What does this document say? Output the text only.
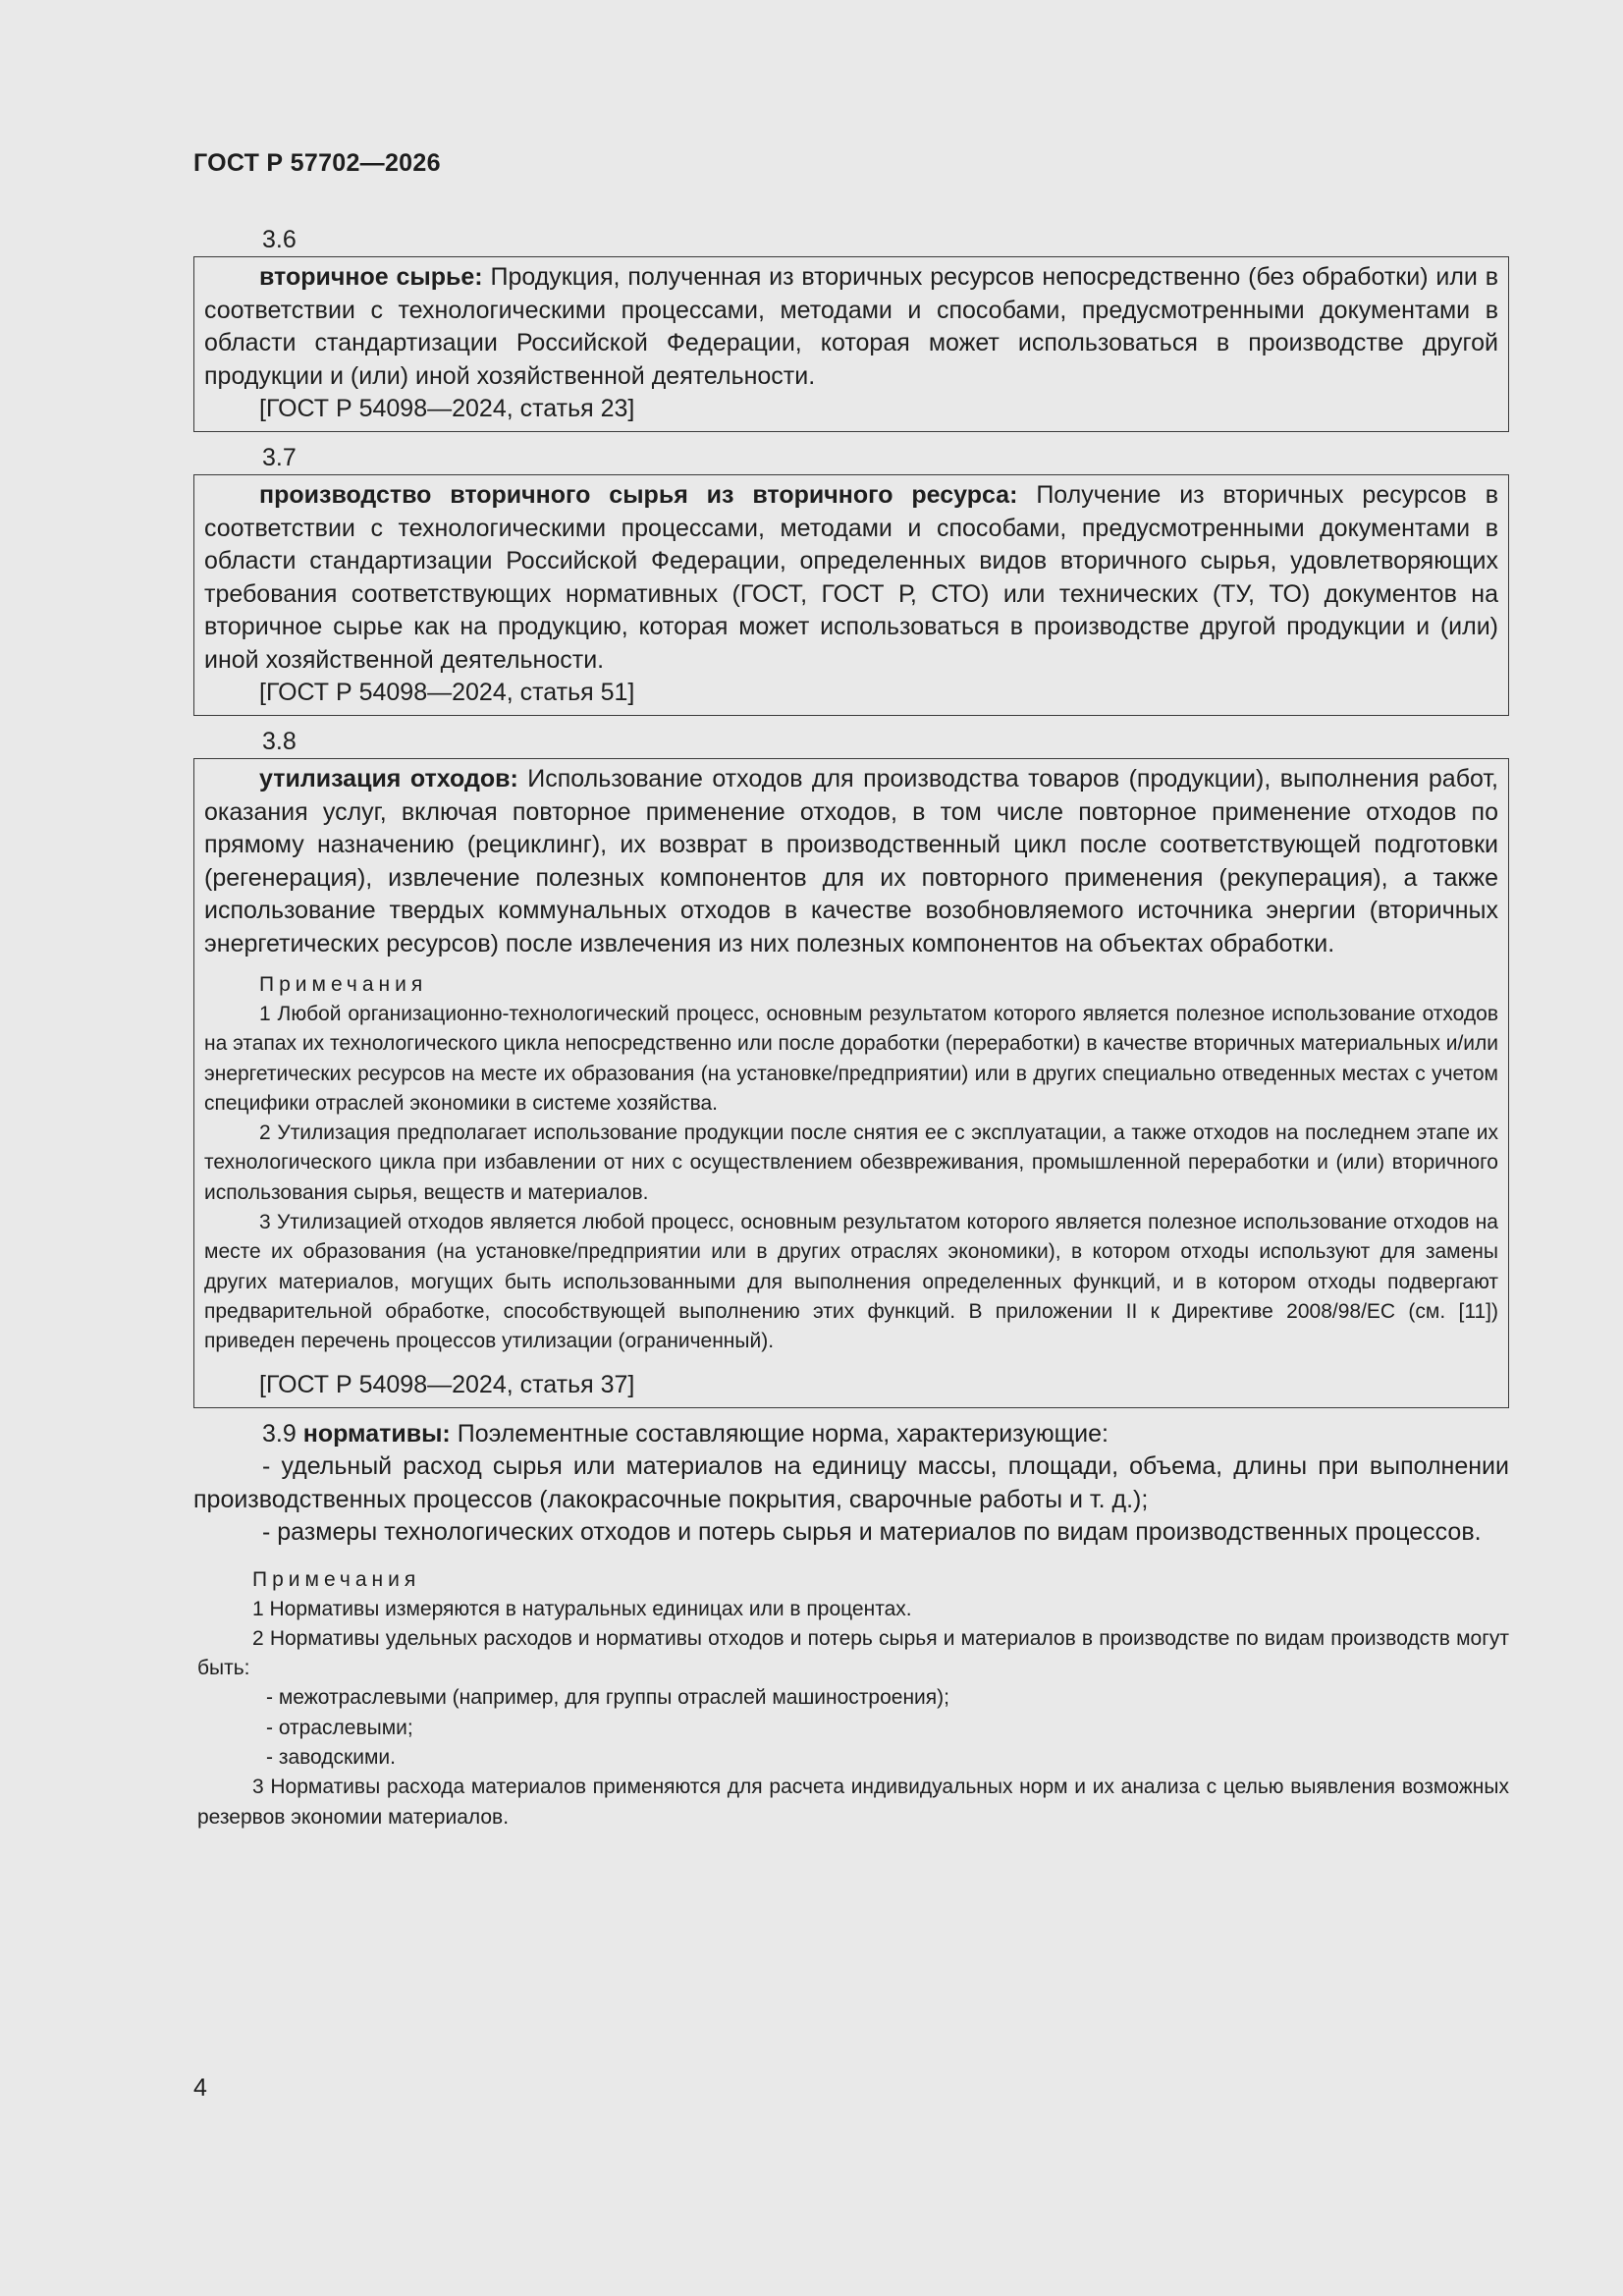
ГОСТ Р 57702—2026
3.6

вторичное сырье: Продукция, полученная из вторичных ресурсов непосредственно (без обработки) или в соответствии с технологическими процессами, методами и способами, предусмотренными документами в области стандартизации Российской Федерации, которая может использоваться в производстве другой продукции и (или) иной хозяйственной деятельности.

[ГОСТ Р 54098—2024, статья 23]
3.7

производство вторичного сырья из вторичного ресурса: Получение из вторичных ресурсов в соответствии с технологическими процессами, методами и способами, предусмотренными документами в области стандартизации Российской Федерации, определенных видов вторичного сырья, удовлетворяющих требования соответствующих нормативных (ГОСТ, ГОСТ Р, СТО) или технических (ТУ, ТО) документов на вторичное сырье как на продукцию, которая может использоваться в производстве другой продукции и (или) иной хозяйственной деятельности.

[ГОСТ Р 54098—2024, статья 51]
3.8

утилизация отходов: Использование отходов для производства товаров (продукции), выполнения работ, оказания услуг, включая повторное применение отходов, в том числе повторное применение отходов по прямому назначению (рециклинг), их возврат в производственный цикл после соответствующей подготовки (регенерация), извлечение полезных компонентов для их повторного применения (рекуперация), а также использование твердых коммунальных отходов в качестве возобновляемого источника энергии (вторичных энергетических ресурсов) после извлечения из них полезных компонентов на объектах обработки.

Примечания

1 Любой организационно-технологический процесс, основным результатом которого является полезное использование отходов на этапах их технологического цикла непосредственно или после доработки (переработки) в качестве вторичных материальных и/или энергетических ресурсов на месте их образования (на установке/предприятии) или в других специально отведенных местах с учетом специфики отраслей экономики в системе хозяйства.

2 Утилизация предполагает использование продукции после снятия ее с эксплуатации, а также отходов на последнем этапе их технологического цикла при избавлении от них с осуществлением обезвреживания, промышленной переработки и (или) вторичного использования сырья, веществ и материалов.

3 Утилизацией отходов является любой процесс, основным результатом которого является полезное использование отходов на месте их образования (на установке/предприятии или в других отраслях экономики), в котором отходы используют для замены других материалов, могущих быть использованными для выполнения определенных функций, и в котором отходы подвергают предварительной обработке, способствующей выполнению этих функций. В приложении II к Директиве 2008/98/ЕС (см. [11]) приведен перечень процессов утилизации (ограниченный).

[ГОСТ Р 54098—2024, статья 37]

3.9 нормативы: Поэлементные составляющие норма, характеризующие:

- удельный расход сырья или материалов на единицу массы, площади, объема, длины при выполнении производственных процессов (лакокрасочные покрытия, сварочные работы и т. д.);

- размеры технологических отходов и потерь сырья и материалов по видам производственных процессов.

Примечания

1 Нормативы измеряются в натуральных единицах или в процентах.

2 Нормативы удельных расходов и нормативы отходов и потерь сырья и материалов в производстве по видам производств могут быть:

- межотраслевыми (например, для группы отраслей машиностроения);
- отраслевыми;
- заводскими.

3 Нормативы расхода материалов применяются для расчета индивидуальных норм и их анализа с целью выявления возможных резервов экономии материалов.

4
